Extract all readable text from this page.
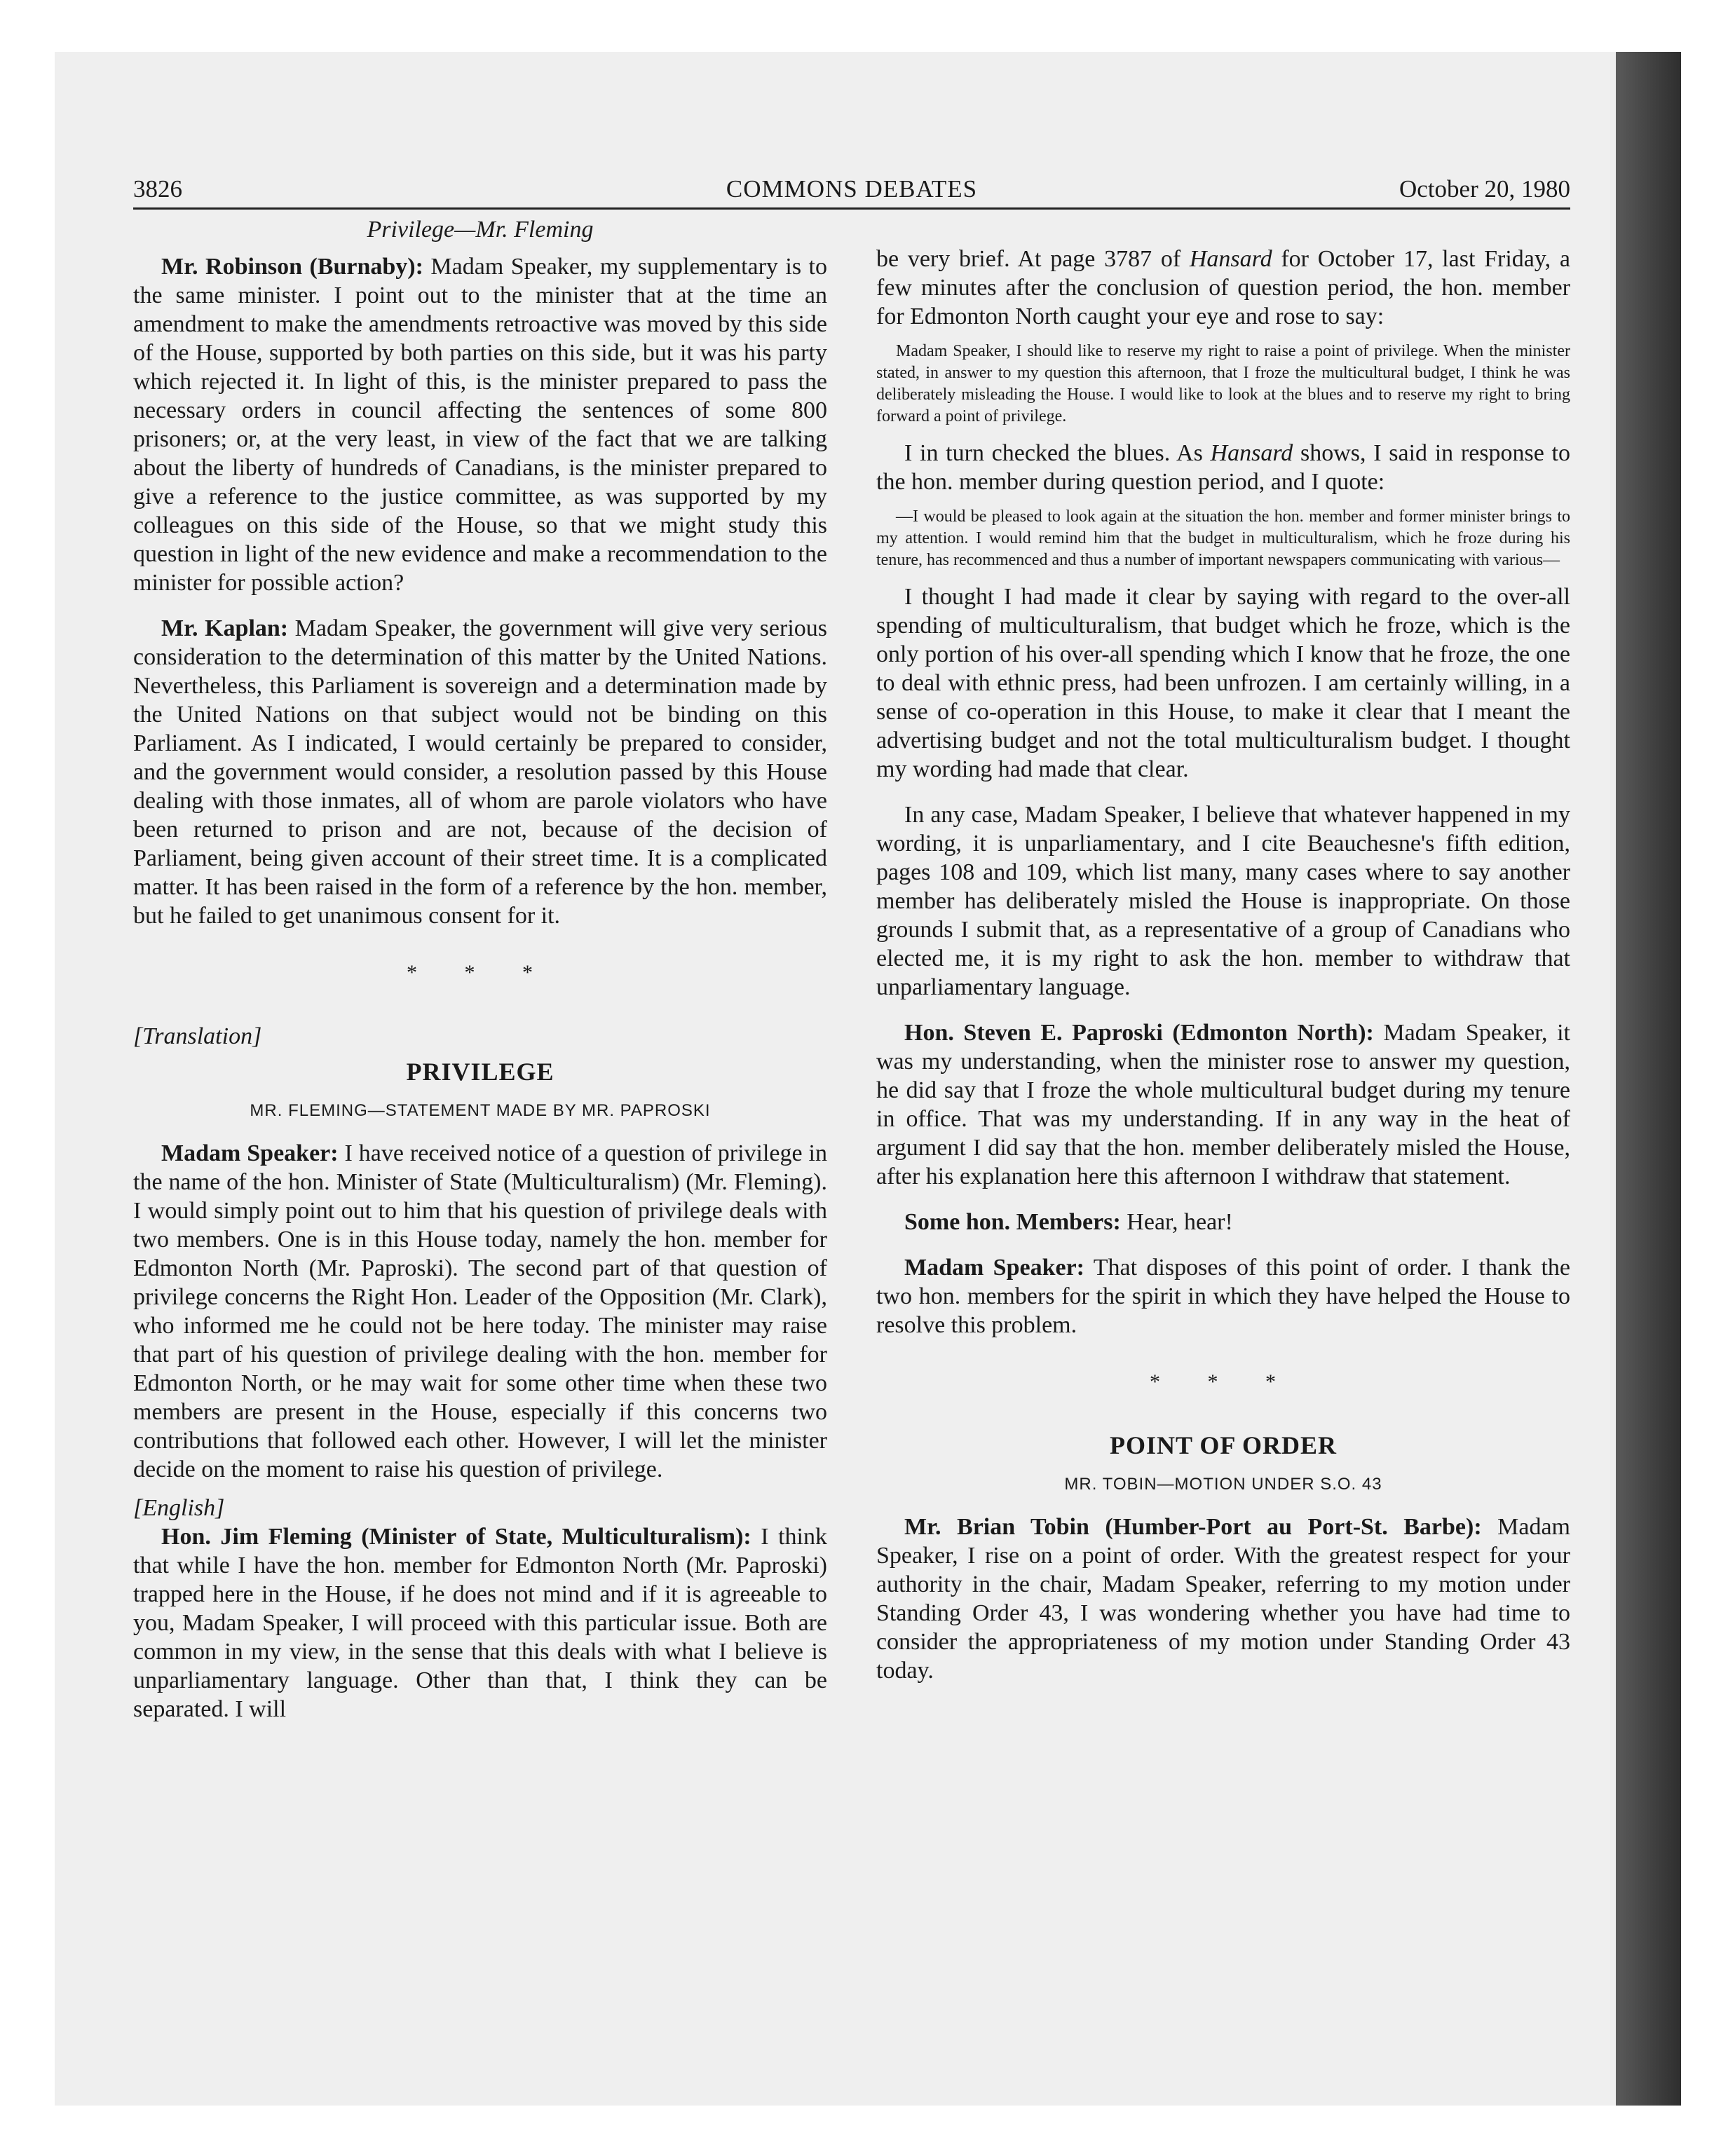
3826	COMMONS DEBATES	October 20, 1980

Privilege—Mr. Fleming

Mr. Robinson (Burnaby): Madam Speaker, my supplementary is to the same minister. I point out to the minister that at the time an amendment to make the amendments retroactive was moved by this side of the House, supported by both parties on this side, but it was his party which rejected it. In light of this, is the minister prepared to pass the necessary orders in council affecting the sentences of some 800 prisoners; or, at the very least, in view of the fact that we are talking about the liberty of hundreds of Canadians, is the minister prepared to give a reference to the justice committee, as was supported by my colleagues on this side of the House, so that we might study this question in light of the new evidence and make a recommendation to the minister for possible action?

Mr. Kaplan: Madam Speaker, the government will give very serious consideration to the determination of this matter by the United Nations. Nevertheless, this Parliament is sovereign and a determination made by the United Nations on that subject would not be binding on this Parliament. As I indicated, I would certainly be prepared to consider, and the government would consider, a resolution passed by this House dealing with those inmates, all of whom are parole violators who have been returned to prison and are not, because of the decision of Parliament, being given account of their street time. It is a complicated matter. It has been raised in the form of a reference by the hon. member, but he failed to get unanimous consent for it.

* * *

[Translation]

PRIVILEGE

MR. FLEMING—STATEMENT MADE BY MR. PAPROSKI

Madam Speaker: I have received notice of a question of privilege in the name of the hon. Minister of State (Multiculturalism) (Mr. Fleming). I would simply point out to him that his question of privilege deals with two members. One is in this House today, namely the hon. member for Edmonton North (Mr. Paproski). The second part of that question of privilege concerns the Right Hon. Leader of the Opposition (Mr. Clark), who informed me he could not be here today. The minister may raise that part of his question of privilege dealing with the hon. member for Edmonton North, or he may wait for some other time when these two members are present in the House, especially if this concerns two contributions that followed each other. However, I will let the minister decide on the moment to raise his question of privilege.

[English]

Hon. Jim Fleming (Minister of State, Multiculturalism): I think that while I have the hon. member for Edmonton North (Mr. Paproski) trapped here in the House, if he does not mind and if it is agreeable to you, Madam Speaker, I will proceed with this particular issue. Both are common in my view, in the sense that this deals with what I believe is unparliamentary language. Other than that, I think they can be separated. I will

be very brief. At page 3787 of Hansard for October 17, last Friday, a few minutes after the conclusion of question period, the hon. member for Edmonton North caught your eye and rose to say:

Madam Speaker, I should like to reserve my right to raise a point of privilege. When the minister stated, in answer to my question this afternoon, that I froze the multicultural budget, I think he was deliberately misleading the House. I would like to look at the blues and to reserve my right to bring forward a point of privilege.

I in turn checked the blues. As Hansard shows, I said in response to the hon. member during question period, and I quote:

—I would be pleased to look again at the situation the hon. member and former minister brings to my attention. I would remind him that the budget in multiculturalism, which he froze during his tenure, has recommenced and thus a number of important newspapers communicating with various—

I thought I had made it clear by saying with regard to the over-all spending of multiculturalism, that budget which he froze, which is the only portion of his over-all spending which I know that he froze, the one to deal with ethnic press, had been unfrozen. I am certainly willing, in a sense of co-operation in this House, to make it clear that I meant the advertising budget and not the total multiculturalism budget. I thought my wording had made that clear.

In any case, Madam Speaker, I believe that whatever happened in my wording, it is unparliamentary, and I cite Beauchesne's fifth edition, pages 108 and 109, which list many, many cases where to say another member has deliberately misled the House is inappropriate. On those grounds I submit that, as a representative of a group of Canadians who elected me, it is my right to ask the hon. member to withdraw that unparliamentary language.

Hon. Steven E. Paproski (Edmonton North): Madam Speaker, it was my understanding, when the minister rose to answer my question, he did say that I froze the whole multicultural budget during my tenure in office. That was my understanding. If in any way in the heat of argument I did say that the hon. member deliberately misled the House, after his explanation here this afternoon I withdraw that statement.

Some hon. Members: Hear, hear!

Madam Speaker: That disposes of this point of order. I thank the two hon. members for the spirit in which they have helped the House to resolve this problem.

* * *

POINT OF ORDER

MR. TOBIN—MOTION UNDER S.O. 43

Mr. Brian Tobin (Humber-Port au Port-St. Barbe): Madam Speaker, I rise on a point of order. With the greatest respect for your authority in the chair, Madam Speaker, referring to my motion under Standing Order 43, I was wondering whether you have had time to consider the appropriateness of my motion under Standing Order 43 today.
